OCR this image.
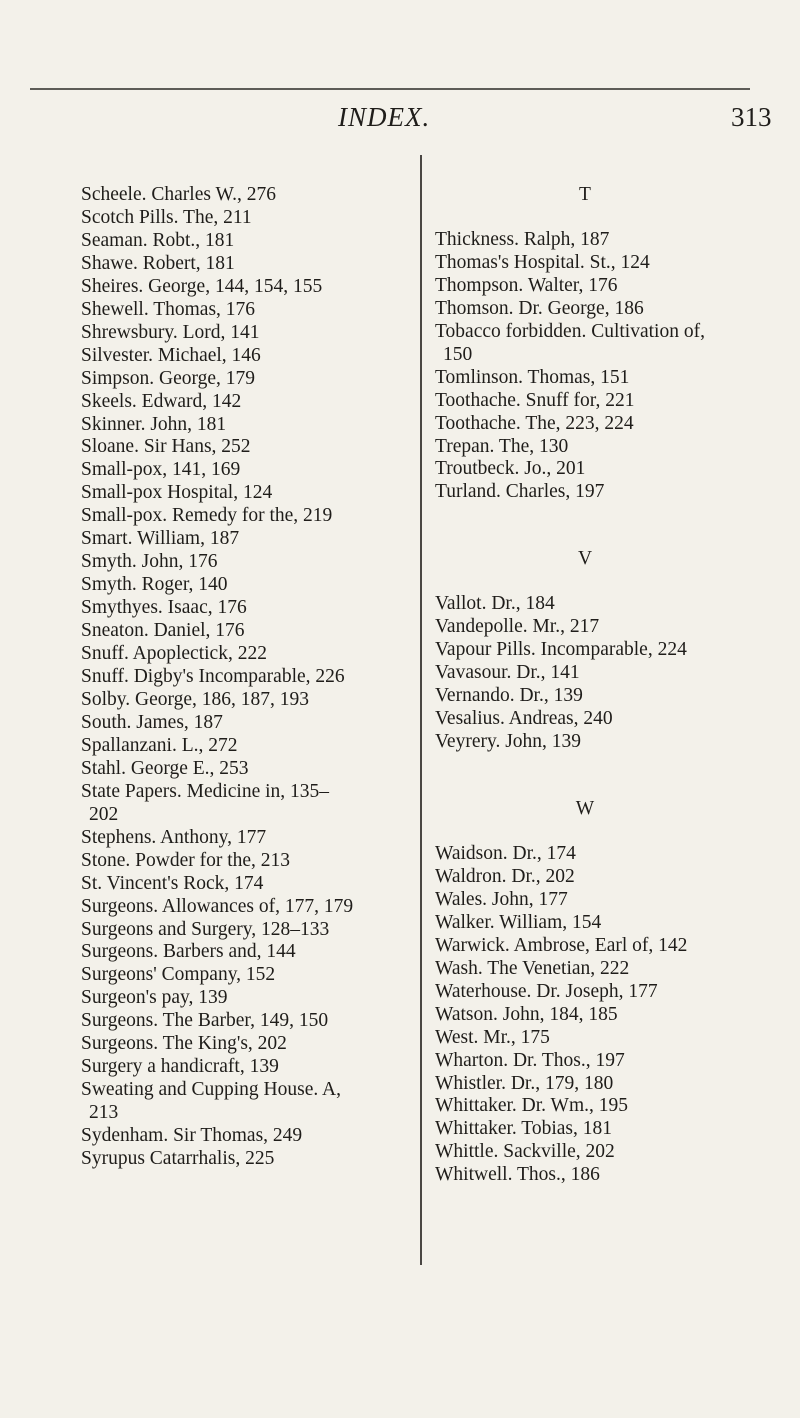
INDEX.	313
Scheele. Charles W., 276
Scotch Pills. The, 211
Seaman. Robt., 181
Shawe. Robert, 181
Sheires. George, 144, 154, 155
Shewell. Thomas, 176
Shrewsbury. Lord, 141
Silvester. Michael, 146
Simpson. George, 179
Skeels. Edward, 142
Skinner. John, 181
Sloane. Sir Hans, 252
Small-pox, 141, 169
Small-pox Hospital, 124
Small-pox. Remedy for the, 219
Smart. William, 187
Smyth. John, 176
Smyth. Roger, 140
Smythyes. Isaac, 176
Sneaton. Daniel, 176
Snuff. Apoplectick, 222
Snuff. Digby's Incomparable, 226
Solby. George, 186, 187, 193
South. James, 187
Spallanzani. L., 272
Stahl. George E., 253
State Papers. Medicine in, 135–
202
Stephens. Anthony, 177
Stone. Powder for the, 213
St. Vincent's Rock, 174
Surgeons. Allowances of, 177, 179
Surgeons and Surgery, 128–133
Surgeons. Barbers and, 144
Surgeons' Company, 152
Surgeon's pay, 139
Surgeons. The Barber, 149, 150
Surgeons. The King's, 202
Surgery a handicraft, 139
Sweating and Cupping House. A,
213
Sydenham. Sir Thomas, 249
Syrupus Catarrhalis, 225
T
Thickness. Ralph, 187
Thomas's Hospital. St., 124
Thompson. Walter, 176
Thomson. Dr. George, 186
Tobacco forbidden. Cultivation of,
150
Tomlinson. Thomas, 151
Toothache. Snuff for, 221
Toothache. The, 223, 224
Trepan. The, 130
Troutbeck. Jo., 201
Turland. Charles, 197
V
Vallot. Dr., 184
Vandepolle. Mr., 217
Vapour Pills. Incomparable, 224
Vavasour. Dr., 141
Vernando. Dr., 139
Vesalius. Andreas, 240
Veyrery. John, 139
W
Waidson. Dr., 174
Waldron. Dr., 202
Wales. John, 177
Walker. William, 154
Warwick. Ambrose, Earl of, 142
Wash. The Venetian, 222
Waterhouse. Dr. Joseph, 177
Watson. John, 184, 185
West. Mr., 175
Wharton. Dr. Thos., 197
Whistler. Dr., 179, 180
Whittaker. Dr. Wm., 195
Whittaker. Tobias, 181
Whittle. Sackville, 202
Whitwell. Thos., 186
